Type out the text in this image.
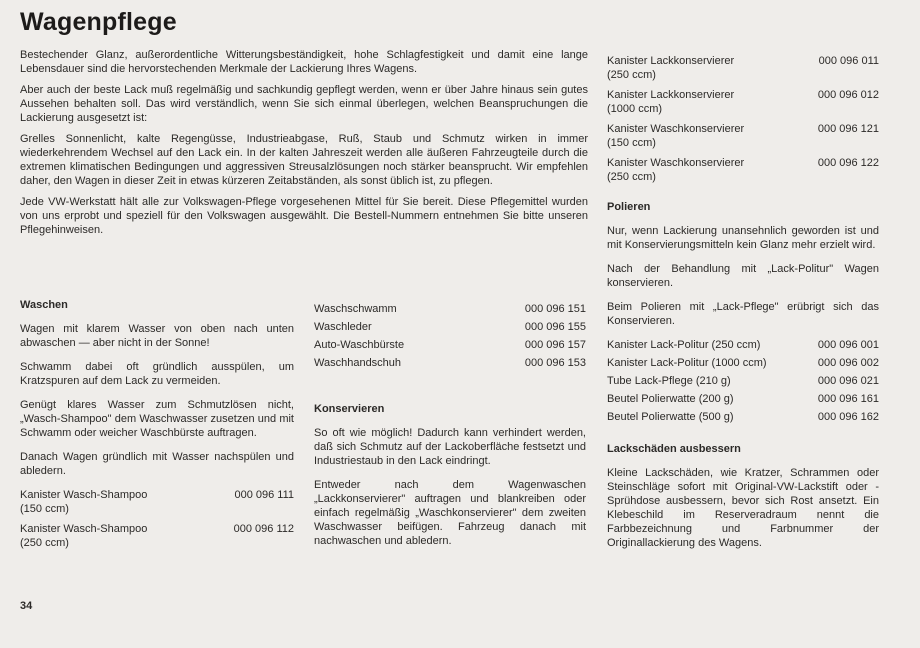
Wagenpflege

Bestechender Glanz, außerordentliche Witterungsbeständigkeit, hohe Schlagfestigkeit und damit eine lange Lebensdauer sind die hervorstechenden Merkmale der Lackierung Ihres Wagens.

Aber auch der beste Lack muß regelmäßig und sachkundig gepflegt werden, wenn er über Jahre hinaus sein gutes Aussehen behalten soll. Das wird verständlich, wenn Sie sich einmal überlegen, welchen Beanspruchungen die Lackierung ausgesetzt ist:

Grelles Sonnenlicht, kalte Regengüsse, Industrieabgase, Ruß, Staub und Schmutz wirken in immer wiederkehrendem Wechsel auf den Lack ein. In der kalten Jahreszeit werden alle äußeren Fahrzeugteile durch die extremen klimatischen Bedingungen und aggressiven Streusalzlösungen noch stärker beansprucht. Wir empfehlen daher, den Wagen in dieser Zeit in etwas kürzeren Zeitabständen, als sonst üblich ist, zu pflegen.

Jede VW-Werkstatt hält alle zur Volkswagen-Pflege vorgesehenen Mittel für Sie bereit. Diese Pflegemittel wurden von uns erprobt und speziell für den Volkswagen ausgewählt. Die Bestell-Nummern entnehmen Sie bitte unseren Pflegehinweisen.

Waschen

Wagen mit klarem Wasser von oben nach unten abwaschen — aber nicht in der Sonne!

Schwamm dabei oft gründlich ausspülen, um Kratzspuren auf dem Lack zu vermeiden.

Genügt klares Wasser zum Schmutzlösen nicht, „Wasch-Shampoo" dem Waschwasser zusetzen und mit Schwamm oder weicher Waschbürste auftragen.

Danach Wagen gründlich mit Wasser nachspülen und abledern.

Kanister Wasch-Shampoo	000 096 111
(150 ccm)
Kanister Wasch-Shampoo	000 096 112
(250 ccm)
Waschschwamm	000 096 151
Waschleder	000 096 155
Auto-Waschbürste	000 096 157
Waschhandschuh	000 096 153
Konservieren

So oft wie möglich! Dadurch kann verhindert werden, daß sich Schmutz auf der Lackoberfläche festsetzt und Industriestaub in den Lack eindringt.

Entweder nach dem Wagenwaschen „Lackkonservierer" auftragen und blankreiben oder einfach regelmäßig „Waschkonservierer" dem zweiten Waschwasser beifügen. Fahrzeug danach mit nachwaschen und abledern.

Kanister Lackkonservierer	000 096 011
(250 ccm)
Kanister Lackkonservierer	000 096 012
(1000 ccm)
Kanister Waschkonservierer	000 096 121
(150 ccm)
Kanister Waschkonservierer	000 096 122
(250 ccm)
Polieren

Nur, wenn Lackierung unansehnlich geworden ist und mit Konservierungsmitteln kein Glanz mehr erzielt wird.

Nach der Behandlung mit „Lack-Politur" Wagen konservieren.

Beim Polieren mit „Lack-Pflege" erübrigt sich das Konservieren.

Kanister Lack-Politur (250 ccm)	000 096 001
Kanister Lack-Politur (1000 ccm)	000 096 002
Tube Lack-Pflege (210 g)	000 096 021
Beutel Polierwatte (200 g)	000 096 161
Beutel Polierwatte (500 g)	000 096 162
Lackschäden ausbessern

Kleine Lackschäden, wie Kratzer, Schrammen oder Steinschläge sofort mit Original-VW-Lackstift oder -Sprühdose ausbessern, bevor sich Rost ansetzt. Ein Klebeschild im Reserveradraum nennt die Farbbezeichnung und Farbnummer der Originallackierung des Wagens.

34
